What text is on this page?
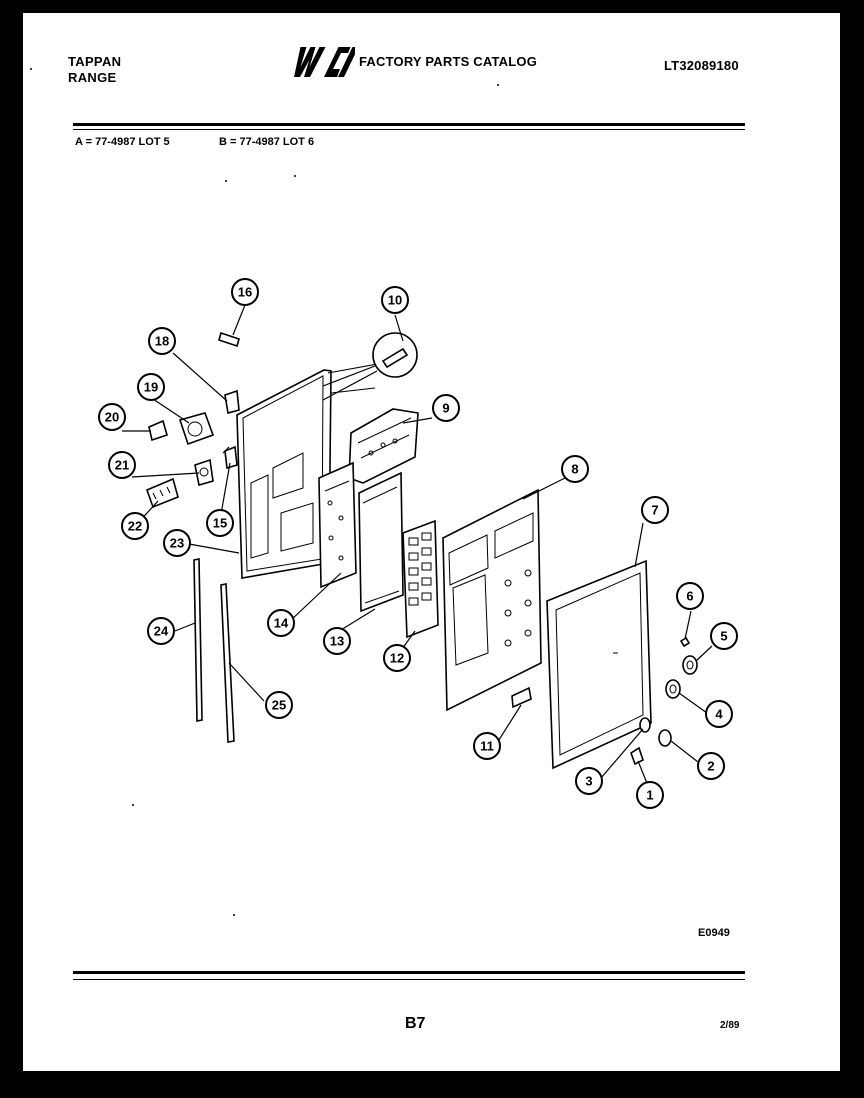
TAPPAN
RANGE
FACTORY PARTS CATALOG	LT32089180
A = 77-4987 LOT 5	B = 77-4987 LOT 6
1
2
3
4
5
6
7
8
9
10
11
12
13
14
15
16
18
19
20
21
22
23
24
25
E0949
B7	2/89
